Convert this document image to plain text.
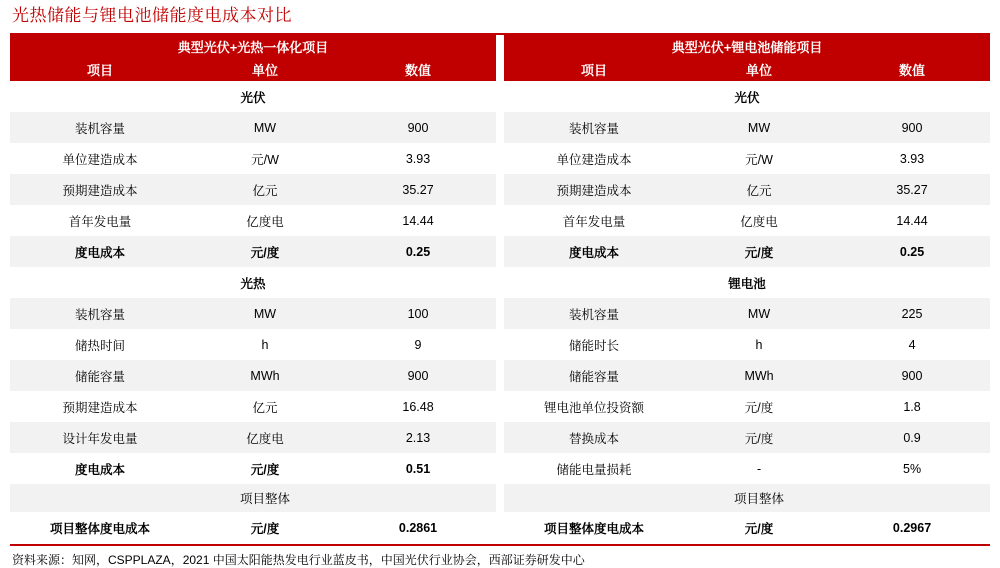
光热储能与锂电池储能度电成本对比
典型光伏+光热一体化项目				典型光伏+锂电池储能项目		
项目	单位	数值		项目	单位	数值
光伏				光伏		
装机容量	MW	900		装机容量	MW	900
单位建造成本	元/W	3.93		单位建造成本	元/W	3.93
预期建造成本	亿元	35.27		预期建造成本	亿元	35.27
首年发电量	亿度电	14.44		首年发电量	亿度电	14.44
度电成本	元/度	0.25		度电成本	元/度	0.25
光热				锂电池		
装机容量	MW	100		装机容量	MW	225
储热时间	h	9		储能时长	h	4
储能容量	MWh	900		储能容量	MWh	900
预期建造成本	亿元	16.48		锂电池单位投资额	元/度	1.8
设计年发电量	亿度电	2.13		替换成本	元/度	0.9
度电成本	元/度	0.51		储能电量损耗	-	5%
	项目整体				项目整体	
项目整体度电成本	元/度	0.2861		项目整体度电成本	元/度	0.2967
资料来源：知网，CSPPLAZA，2021 中国太阳能热发电行业蓝皮书，中国光伏行业协会，西部证券研发中心
